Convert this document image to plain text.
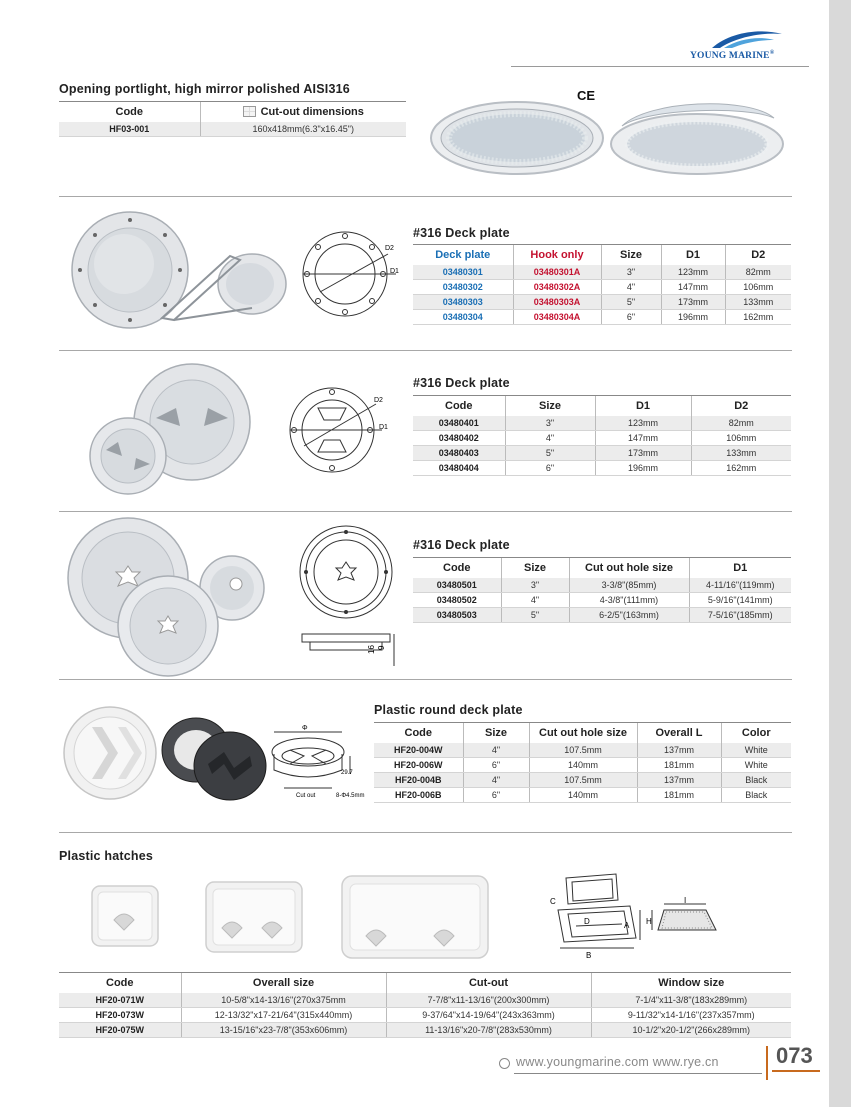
YOUNG MARINE®
Opening portlight, high mirror polished AISI316
Code	Cut-out dimensions
HF03-001	160x418mm(6.3"x16.45")
CE
D2
D1
#316 Deck plate
Deck plate	Hook only	Size	D1	D2
03480301	03480301A	3"	123mm	82mm
03480302	03480302A	4"	147mm	106mm
03480303	03480303A	5"	173mm	133mm
03480304	03480304A	6"	196mm	162mm
D2
D1
#316 Deck plate
Code	Size	D1	D2
03480401	3"	123mm	82mm
03480402	4"	147mm	106mm
03480403	5"	173mm	133mm
03480404	6"	196mm	162mm
16 9
#316 Deck plate
Code	Size	Cut out hole size	D1
03480501	3"	3-3/8"(85mm)	4-11/16"(119mm)
03480502	4"	4-3/8"(111mm)	5-9/16"(141mm)
03480503	5"	6-2/5"(163mm)	7-5/16"(185mm)
Φ
29.7
Cut out	8-Φ4.5mm
Plastic round deck plate
Code	Size	Cut out hole size	Overall L	Color
HF20-004W	4"	107.5mm	137mm	White
HF20-006W	6"	140mm	181mm	White
HF20-004B	4"	107.5mm	137mm	Black
HF20-006B	6"	140mm	181mm	Black
Plastic hatches
C
D	A
B
H
I
Code	Overall size	Cut-out	Window size
HF20-071W	10-5/8"x14-13/16"(270x375mm	7-7/8"x11-13/16"(200x300mm)	7-1/4"x11-3/8"(183x289mm)
HF20-073W	12-13/32"x17-21/64"(315x440mm)	9-37/64"x14-19/64"(243x363mm)	9-11/32"x14-1/16"(237x357mm)
HF20-075W	13-15/16"x23-7/8"(353x606mm)	11-13/16"x20-7/8"(283x530mm)	10-1/2"x20-1/2"(266x289mm)
www.youngmarine.com www.rye.cn	073
